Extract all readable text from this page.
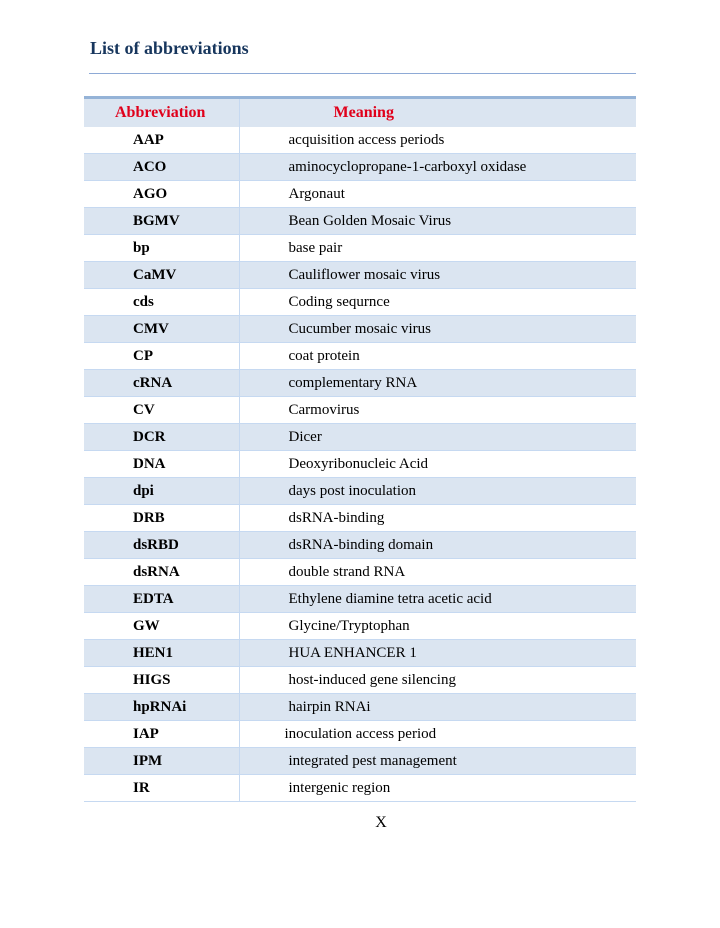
List of abbreviations
Abbreviation	Meaning
AAP	acquisition access periods
ACO	aminocyclopropane-1-carboxyl oxidase
AGO	Argonaut
BGMV	Bean Golden Mosaic Virus
bp	base pair
CaMV	Cauliflower mosaic virus
cds	Coding sequrnce
CMV	Cucumber mosaic virus
CP	coat protein
cRNA	complementary RNA
CV	Carmovirus
DCR	Dicer
DNA	Deoxyribonucleic Acid
dpi	days post inoculation
DRB	dsRNA-binding
dsRBD	dsRNA-binding domain
dsRNA	double strand RNA
EDTA	Ethylene diamine tetra acetic acid
GW	Glycine/Tryptophan
HEN1	HUA ENHANCER 1
HIGS	host-induced gene silencing
hpRNAi	hairpin RNAi
IAP	inoculation access period
IPM	integrated pest management
IR	intergenic region
X
